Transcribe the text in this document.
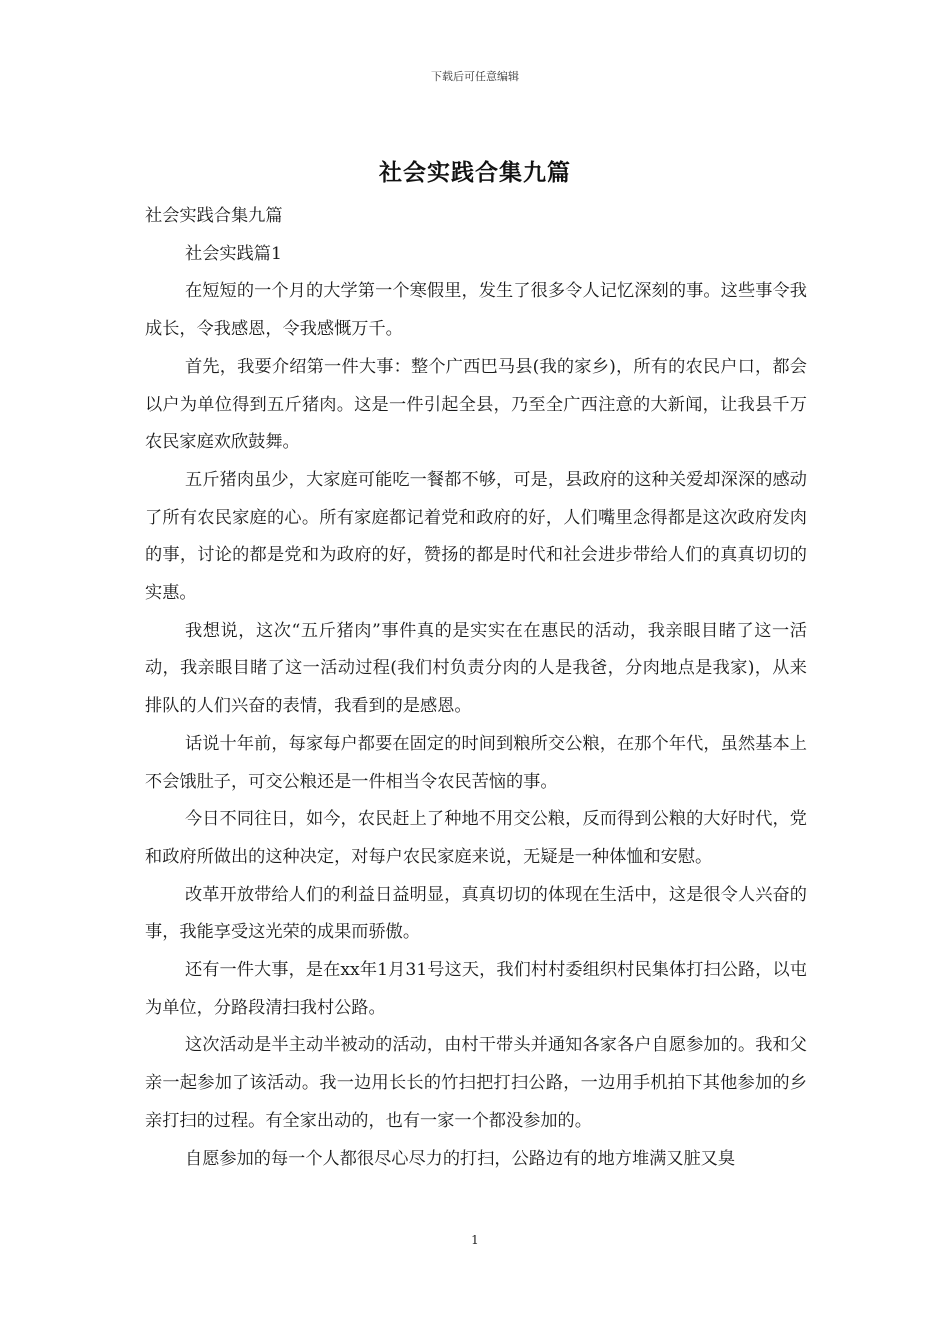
下载后可任意编辑
社会实践合集九篇

社会实践合集九篇

社会实践篇1

在短短的一个月的大学第一个寒假里，发生了很多令人记忆深刻的事。这些事令我成长，令我感恩，令我感慨万千。

首先，我要介绍第一件大事：整个广西巴马县(我的家乡)，所有的农民户口，都会以户为单位得到五斤猪肉。这是一件引起全县，乃至全广西注意的大新闻，让我县千万农民家庭欢欣鼓舞。

五斤猪肉虽少，大家庭可能吃一餐都不够，可是，县政府的这种关爱却深深的感动了所有农民家庭的心。所有家庭都记着党和政府的好，人们嘴里念得都是这次政府发肉的事，讨论的都是党和为政府的好，赞扬的都是时代和社会进步带给人们的真真切切的实惠。

我想说，这次“五斤猪肉”事件真的是实实在在惠民的活动，我亲眼目睹了这一活动，我亲眼目睹了这一活动过程(我们村负责分肉的人是我爸，分肉地点是我家)，从来排队的人们兴奋的表情，我看到的是感恩。

话说十年前，每家每户都要在固定的时间到粮所交公粮，在那个年代，虽然基本上不会饿肚子，可交公粮还是一件相当令农民苦恼的事。

今日不同往日，如今，农民赶上了种地不用交公粮，反而得到公粮的大好时代，党和政府所做出的这种决定，对每户农民家庭来说，无疑是一种体恤和安慰。

改革开放带给人们的利益日益明显，真真切切的体现在生活中，这是很令人兴奋的事，我能享受这光荣的成果而骄傲。

还有一件大事，是在xx年1月31号这天，我们村村委组织村民集体打扫公路，以屯为单位，分路段清扫我村公路。

这次活动是半主动半被动的活动，由村干带头并通知各家各户自愿参加的。我和父亲一起参加了该活动。我一边用长长的竹扫把打扫公路，一边用手机拍下其他参加的乡亲打扫的过程。有全家出动的，也有一家一个都没参加的。

自愿参加的每一个人都很尽心尽力的打扫，公路边有的地方堆满又脏又臭

1
